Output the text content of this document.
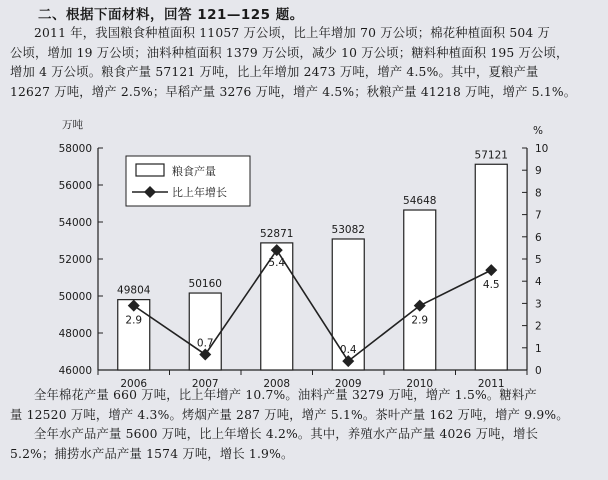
二、根据下面材料，回答 121—125 题。

2011 年，我国粮食种植面积 11057 万公顷，比上年增加 70 万公顷；棉花种植面积 504 万

公顷，增加 19 万公顷；油料种植面积 1379 万公顷，减少 10 万公顷；糖料种植面积 195 万公顷，

增加 4 万公顷。粮食产量 57121 万吨，比上年增加 2473 万吨，增产 4.5%。其中，夏粮产量

12627 万吨，增产 2.5%；早稻产量 3276 万吨，增产 4.5%；秋粮产量 41218 万吨，增产 5.1%。

万吨	%
46000
48000
50000
52000
54000
56000
58000
0
1
2
3
4
5
6
7
8
9
10
2006	2007	2008	2009	2010	2011
49804
50160
52871	53082
54648
57121
2.9
0.7
5.4
0.4
2.9
4.5
粮食产量
比上年增长

全年棉花产量 660 万吨，比上年增产 10.7%。油料产量 3279 万吨，增产 1.5%。糖料产

量 12520 万吨，增产 4.3%。烤烟产量 287 万吨，增产 5.1%。茶叶产量 162 万吨，增产 9.9%。

全年水产品产量 5600 万吨，比上年增长 4.2%。其中，养殖水产品产量 4026 万吨，增长

5.2%；捕捞水产品产量 1574 万吨，增长 1.9%。
